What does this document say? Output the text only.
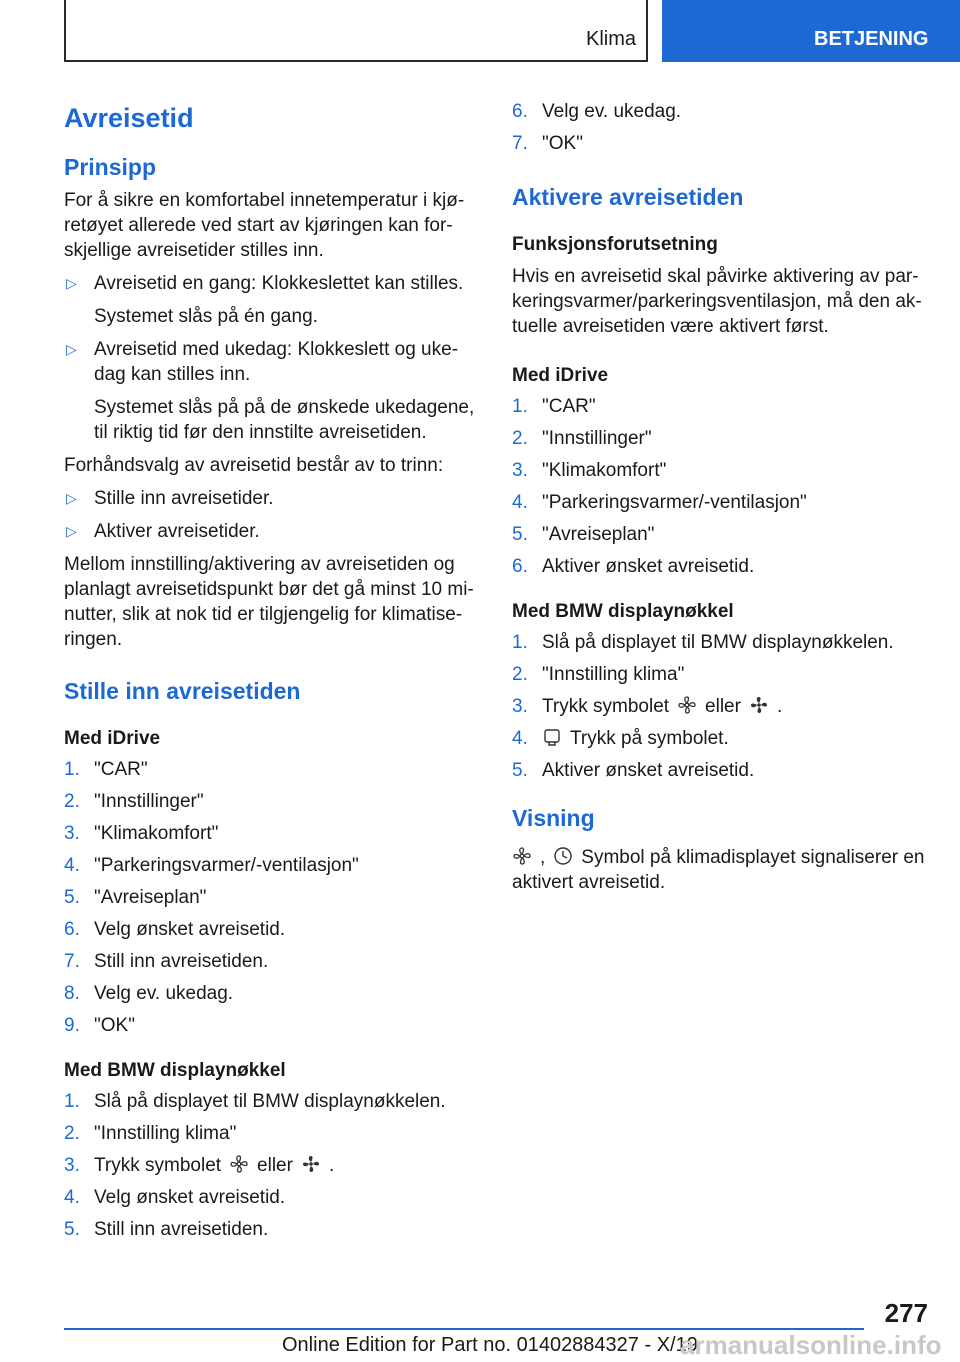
Klima	BETJENING
Avreisetid
Prinsipp
For å sikre en komfortabel innetemperatur i kjø-retøyet allerede ved start av kjøringen kan for-skjellige avreisetider stilles inn.
▷ Avreisetid en gang: Klokkeslettet kan stilles.
Systemet slås på én gang.
▷ Avreisetid med ukedag: Klokkeslett og uke-dag kan stilles inn.
Systemet slås på på de ønskede ukedagene, til riktig tid før den innstilte avreisetiden.
Forhåndsvalg av avreisetid består av to trinn:
▷ Stille inn avreisetider.
▷ Aktiver avreisetider.
Mellom innstilling/aktivering av avreisetiden og planlagt avreisetidspunkt bør det gå minst 10 mi-nutter, slik at nok tid er tilgjengelig for klimatise-ringen.
Stille inn avreisetiden
Med iDrive
1. "CAR"
2. "Innstillinger"
3. "Klimakomfort"
4. "Parkeringsvarmer/-ventilasjon"
5. "Avreiseplan"
6. Velg ønsket avreisetid.
7. Still inn avreisetiden.
8. Velg ev. ukedag.
9. "OK"
Med BMW displaynøkkel
1. Slå på displayet til BMW displaynøkkelen.
2. "Innstilling klima"
3. Trykk symbolet eller .
4. Velg ønsket avreisetid.
5. Still inn avreisetiden.
6. Velg ev. ukedag.
7. "OK"
Aktivere avreisetiden
Funksjonsforutsetning
Hvis en avreisetid skal påvirke aktivering av par-keringsvarmer/parkeringsventilasjon, må den ak-tuelle avreisetiden være aktivert først.
Med iDrive
1. "CAR"
2. "Innstillinger"
3. "Klimakomfort"
4. "Parkeringsvarmer/-ventilasjon"
5. "Avreiseplan"
6. Aktiver ønsket avreisetid.
Med BMW displaynøkkel
1. Slå på displayet til BMW displaynøkkelen.
2. "Innstilling klima"
3. Trykk symbolet eller .
4. Trykk på symbolet.
5. Aktiver ønsket avreisetid.
Visning
, Symbol på klimadisplayet signaliserer en aktivert avreisetid.
277
Online Edition for Part no. 01402884327 - X/19
armanualsonline.info
